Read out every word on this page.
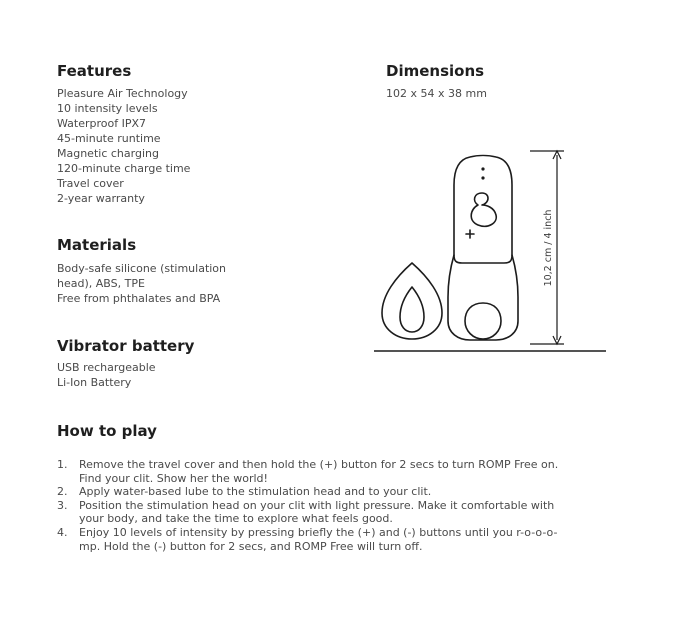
Features
Pleasure Air Technology
10 intensity levels
Waterproof IPX7
45-minute runtime
Magnetic charging
120-minute charge time
Travel cover
2-year warranty
Dimensions

102 x 54 x 38 mm

Materials
Body-safe silicone (stimulation
head), ABS, TPE
Free from phthalates and BPA
Vibrator battery
USB rechargeable
Li-Ion Battery
How to play
1. Remove the travel cover and then hold the (+) button for 2 secs to turn ROMP Free on. Find your clit. Show her the world!
2. Apply water-based lube to the stimulation head and to your clit.
3. Position the stimulation head on your clit with light pressure. Make it comfortable with your body, and take the time to explore what feels good.
4. Enjoy 10 levels of intensity by pressing briefly the (+) and (-) buttons until you r-o-o-o-mp. Hold the (-) button for 2 secs, and ROMP Free will turn off.
10,2 cm / 4 inch
